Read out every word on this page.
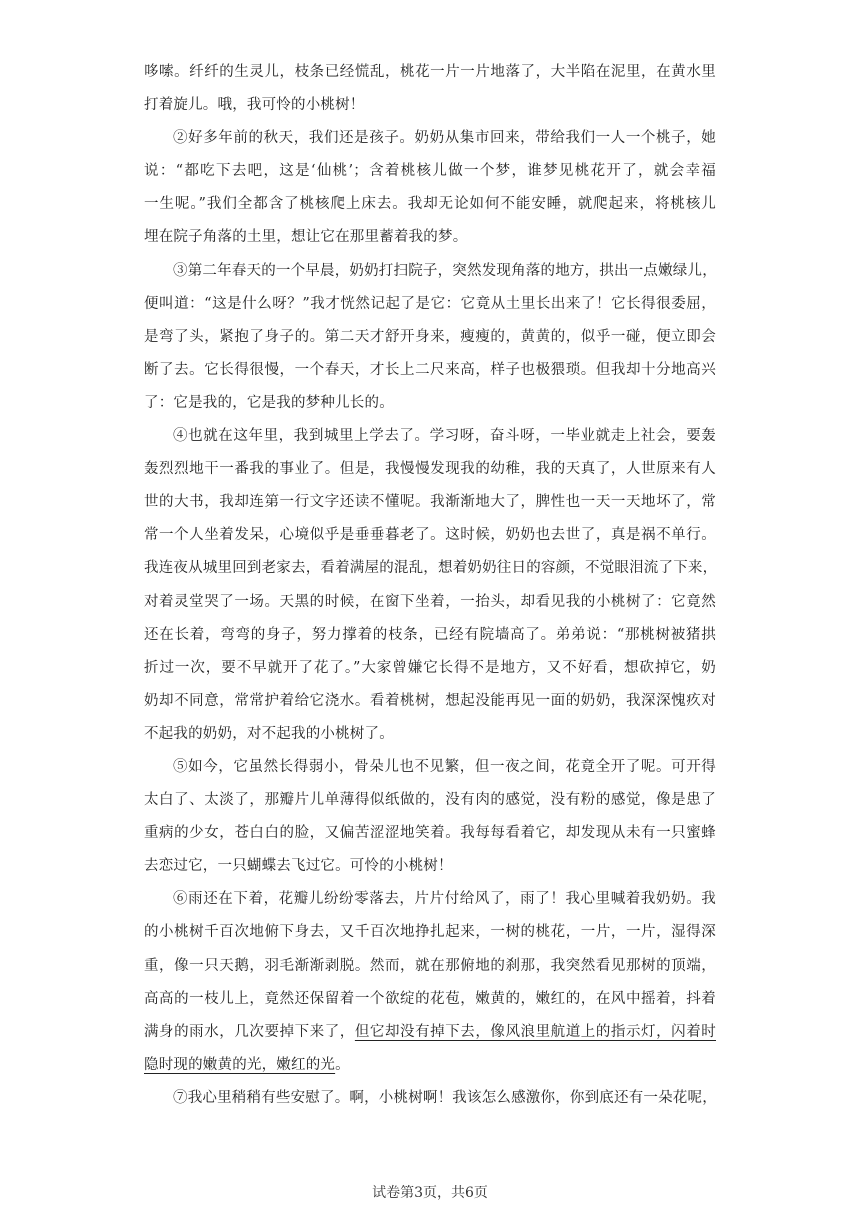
哆嗦。纤纤的生灵儿，枝条已经慌乱，桃花一片一片地落了，大半陷在泥里，在黄水里
打着旋儿。哦，我可怜的小桃树！
②好多年前的秋天，我们还是孩子。奶奶从集市回来，带给我们一人一个桃子，她
说：“都吃下去吧，这是‘仙桃’；含着桃核儿做一个梦，谁梦见桃花开了，就会幸福
一生呢。”我们全都含了桃核爬上床去。我却无论如何不能安睡，就爬起来，将桃核儿
埋在院子角落的土里，想让它在那里蓄着我的梦。
③第二年春天的一个早晨，奶奶打扫院子，突然发现角落的地方，拱出一点嫩绿儿，
便叫道：“这是什么呀？”我才恍然记起了是它：它竟从土里长出来了！它长得很委屈，
是弯了头，紧抱了身子的。第二天才舒开身来，瘦瘦的，黄黄的，似乎一碰，便立即会
断了去。它长得很慢，一个春天，才长上二尺来高，样子也极猥琐。但我却十分地高兴
了：它是我的，它是我的梦种儿长的。
④也就在这年里，我到城里上学去了。学习呀，奋斗呀，一毕业就走上社会，要轰
轰烈烈地干一番我的事业了。但是，我慢慢发现我的幼稚，我的天真了，人世原来有人
世的大书，我却连第一行文字还读不懂呢。我渐渐地大了，脾性也一天一天地坏了，常
常一个人坐着发呆，心境似乎是垂垂暮老了。这时候，奶奶也去世了，真是祸不单行。
我连夜从城里回到老家去，看着满屋的混乱，想着奶奶往日的容颜，不觉眼泪流了下来，
对着灵堂哭了一场。天黑的时候，在窗下坐着，一抬头，却看见我的小桃树了：它竟然
还在长着，弯弯的身子，努力撑着的枝条，已经有院墙高了。弟弟说：“那桃树被猪拱
折过一次，要不早就开了花了。”大家曾嫌它长得不是地方，又不好看，想砍掉它，奶
奶却不同意，常常护着给它浇水。看着桃树，想起没能再见一面的奶奶，我深深愧疚对
不起我的奶奶，对不起我的小桃树了。
⑤如今，它虽然长得弱小，骨朵儿也不见繁，但一夜之间，花竟全开了呢。可开得
太白了、太淡了，那瓣片儿单薄得似纸做的，没有肉的感觉，没有粉的感觉，像是患了
重病的少女，苍白白的脸，又偏苦涩涩地笑着。我每每看着它，却发现从未有一只蜜蜂
去恋过它，一只蝴蝶去飞过它。可怜的小桃树！
⑥雨还在下着，花瓣儿纷纷零落去，片片付给风了，雨了！我心里喊着我奶奶。我
的小桃树千百次地俯下身去，又千百次地挣扎起来，一树的桃花，一片，一片，湿得深
重，像一只天鹅，羽毛渐渐剥脱。然而，就在那俯地的刹那，我突然看见那树的顶端，
高高的一枝儿上，竟然还保留着一个欲绽的花苞，嫩黄的，嫩红的，在风中摇着，抖着
满身的雨水，几次要掉下来了，但它却没有掉下去，像风浪里航道上的指示灯，闪着时
隐时现的嫩黄的光，嫩红的光。
⑦我心里稍稍有些安慰了。啊，小桃树啊！我该怎么感激你，你到底还有一朵花呢，
试卷第3页，共6页
